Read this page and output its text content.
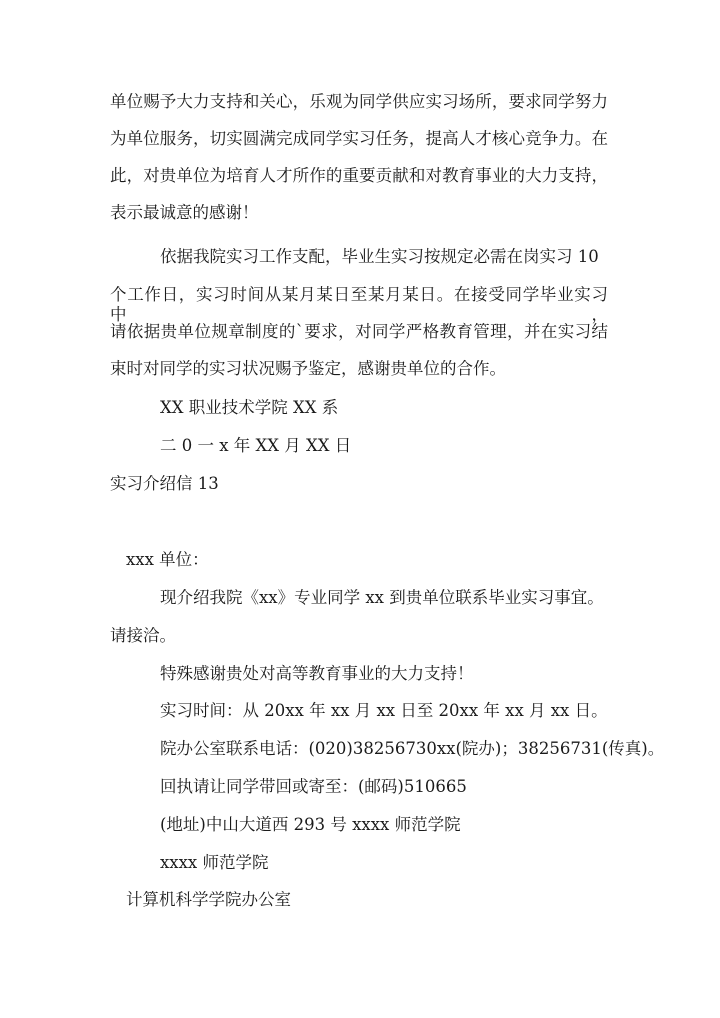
单位赐予大力支持和关心，乐观为同学供应实习场所，要求同学努力
为单位服务，切实圆满完成同学实习任务，提高人才核心竞争力。在
此，对贵单位为培育人才所作的重要贡献和对教育事业的大力支持，
表示最诚意的感谢！
依据我院实习工作支配，毕业生实习按规定必需在岗实习 10
个工作日，实习时间从某月某日至某月某日。在接受同学毕业实习中，
请依据贵单位规章制度的`要求，对同学严格教育管理，并在实习结
束时对同学的实习状况赐予鉴定，感谢贵单位的合作。
XX 职业技术学院 XX 系
二 0 一 x 年 XX 月 XX 日
实习介绍信 13
xxx 单位：
现介绍我院《xx》专业同学 xx 到贵单位联系毕业实习事宜。
请接洽。
特殊感谢贵处对高等教育事业的大力支持！
实习时间：从 20xx 年 xx 月 xx 日至 20xx 年 xx 月 xx 日。
院办公室联系电话：(020)38256730xx(院办)；38256731(传真)。
回执请让同学带回或寄至：(邮码)510665
(地址)中山大道西 293 号 xxxx 师范学院
xxxx 师范学院
计算机科学学院办公室
